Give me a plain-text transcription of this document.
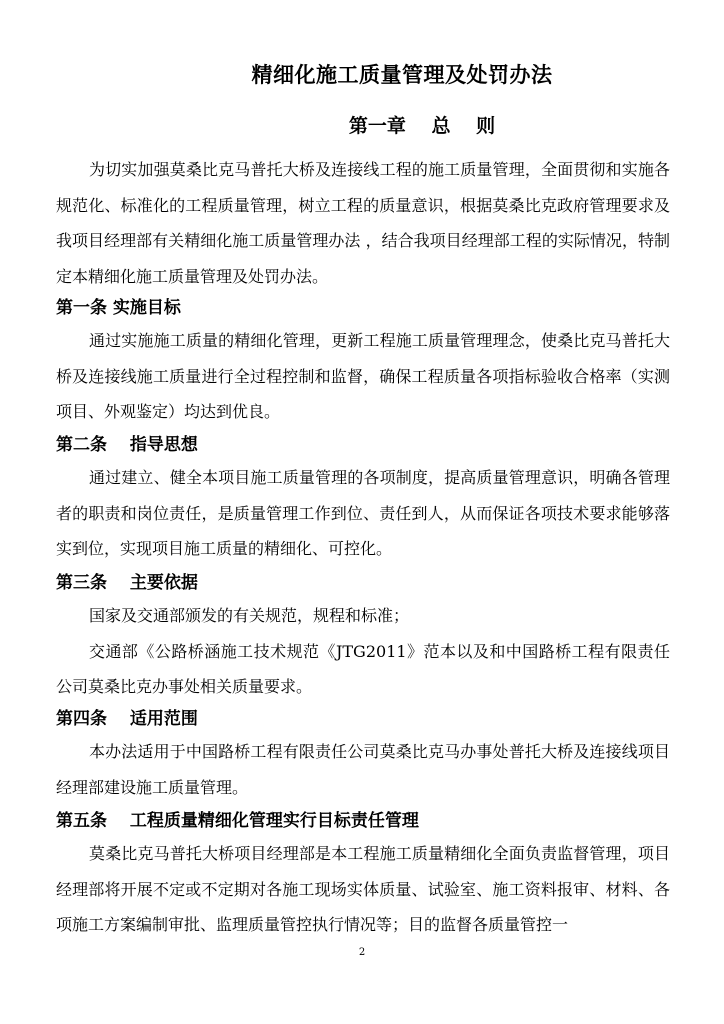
精细化施工质量管理及处罚办法
第一章　 总　 则

为切实加强莫桑比克马普托大桥及连接线工程的施工质量管理，全面贯彻和实施各规范化、标准化的工程质量管理，树立工程的质量意识，根据莫桑比克政府管理要求及我项目经理部有关精细化施工质量管理办法 ，结合我项目经理部工程的实际情况，特制定本精细化施工质量管理及处罚办法。

第一条 实施目标

通过实施施工质量的精细化管理，更新工程施工质量管理理念，使桑比克马普托大桥及连接线施工质量进行全过程控制和监督，确保工程质量各项指标验收合格率（实测项目、外观鉴定）均达到优良。

第二条　 指导思想

通过建立、健全本项目施工质量管理的各项制度，提高质量管理意识，明确各管理者的职责和岗位责任，是质量管理工作到位、责任到人，从而保证各项技术要求能够落实到位，实现项目施工质量的精细化、可控化。

第三条　 主要依据

国家及交通部颁发的有关规范，规程和标准；

交通部《公路桥涵施工技术规范《JTG2011》范本以及和中国路桥工程有限责任公司莫桑比克办事处相关质量要求。

第四条　 适用范围

本办法适用于中国路桥工程有限责任公司莫桑比克马办事处普托大桥及连接线项目经理部建设施工质量管理。

第五条　 工程质量精细化管理实行目标责任管理

莫桑比克马普托大桥项目经理部是本工程施工质量精细化全面负责监督管理，项目经理部将开展不定或不定期对各施工现场实体质量、试验室、施工资料报审、材料、各项施工方案编制审批、监理质量管控执行情况等；目的监督各质量管控一

2
